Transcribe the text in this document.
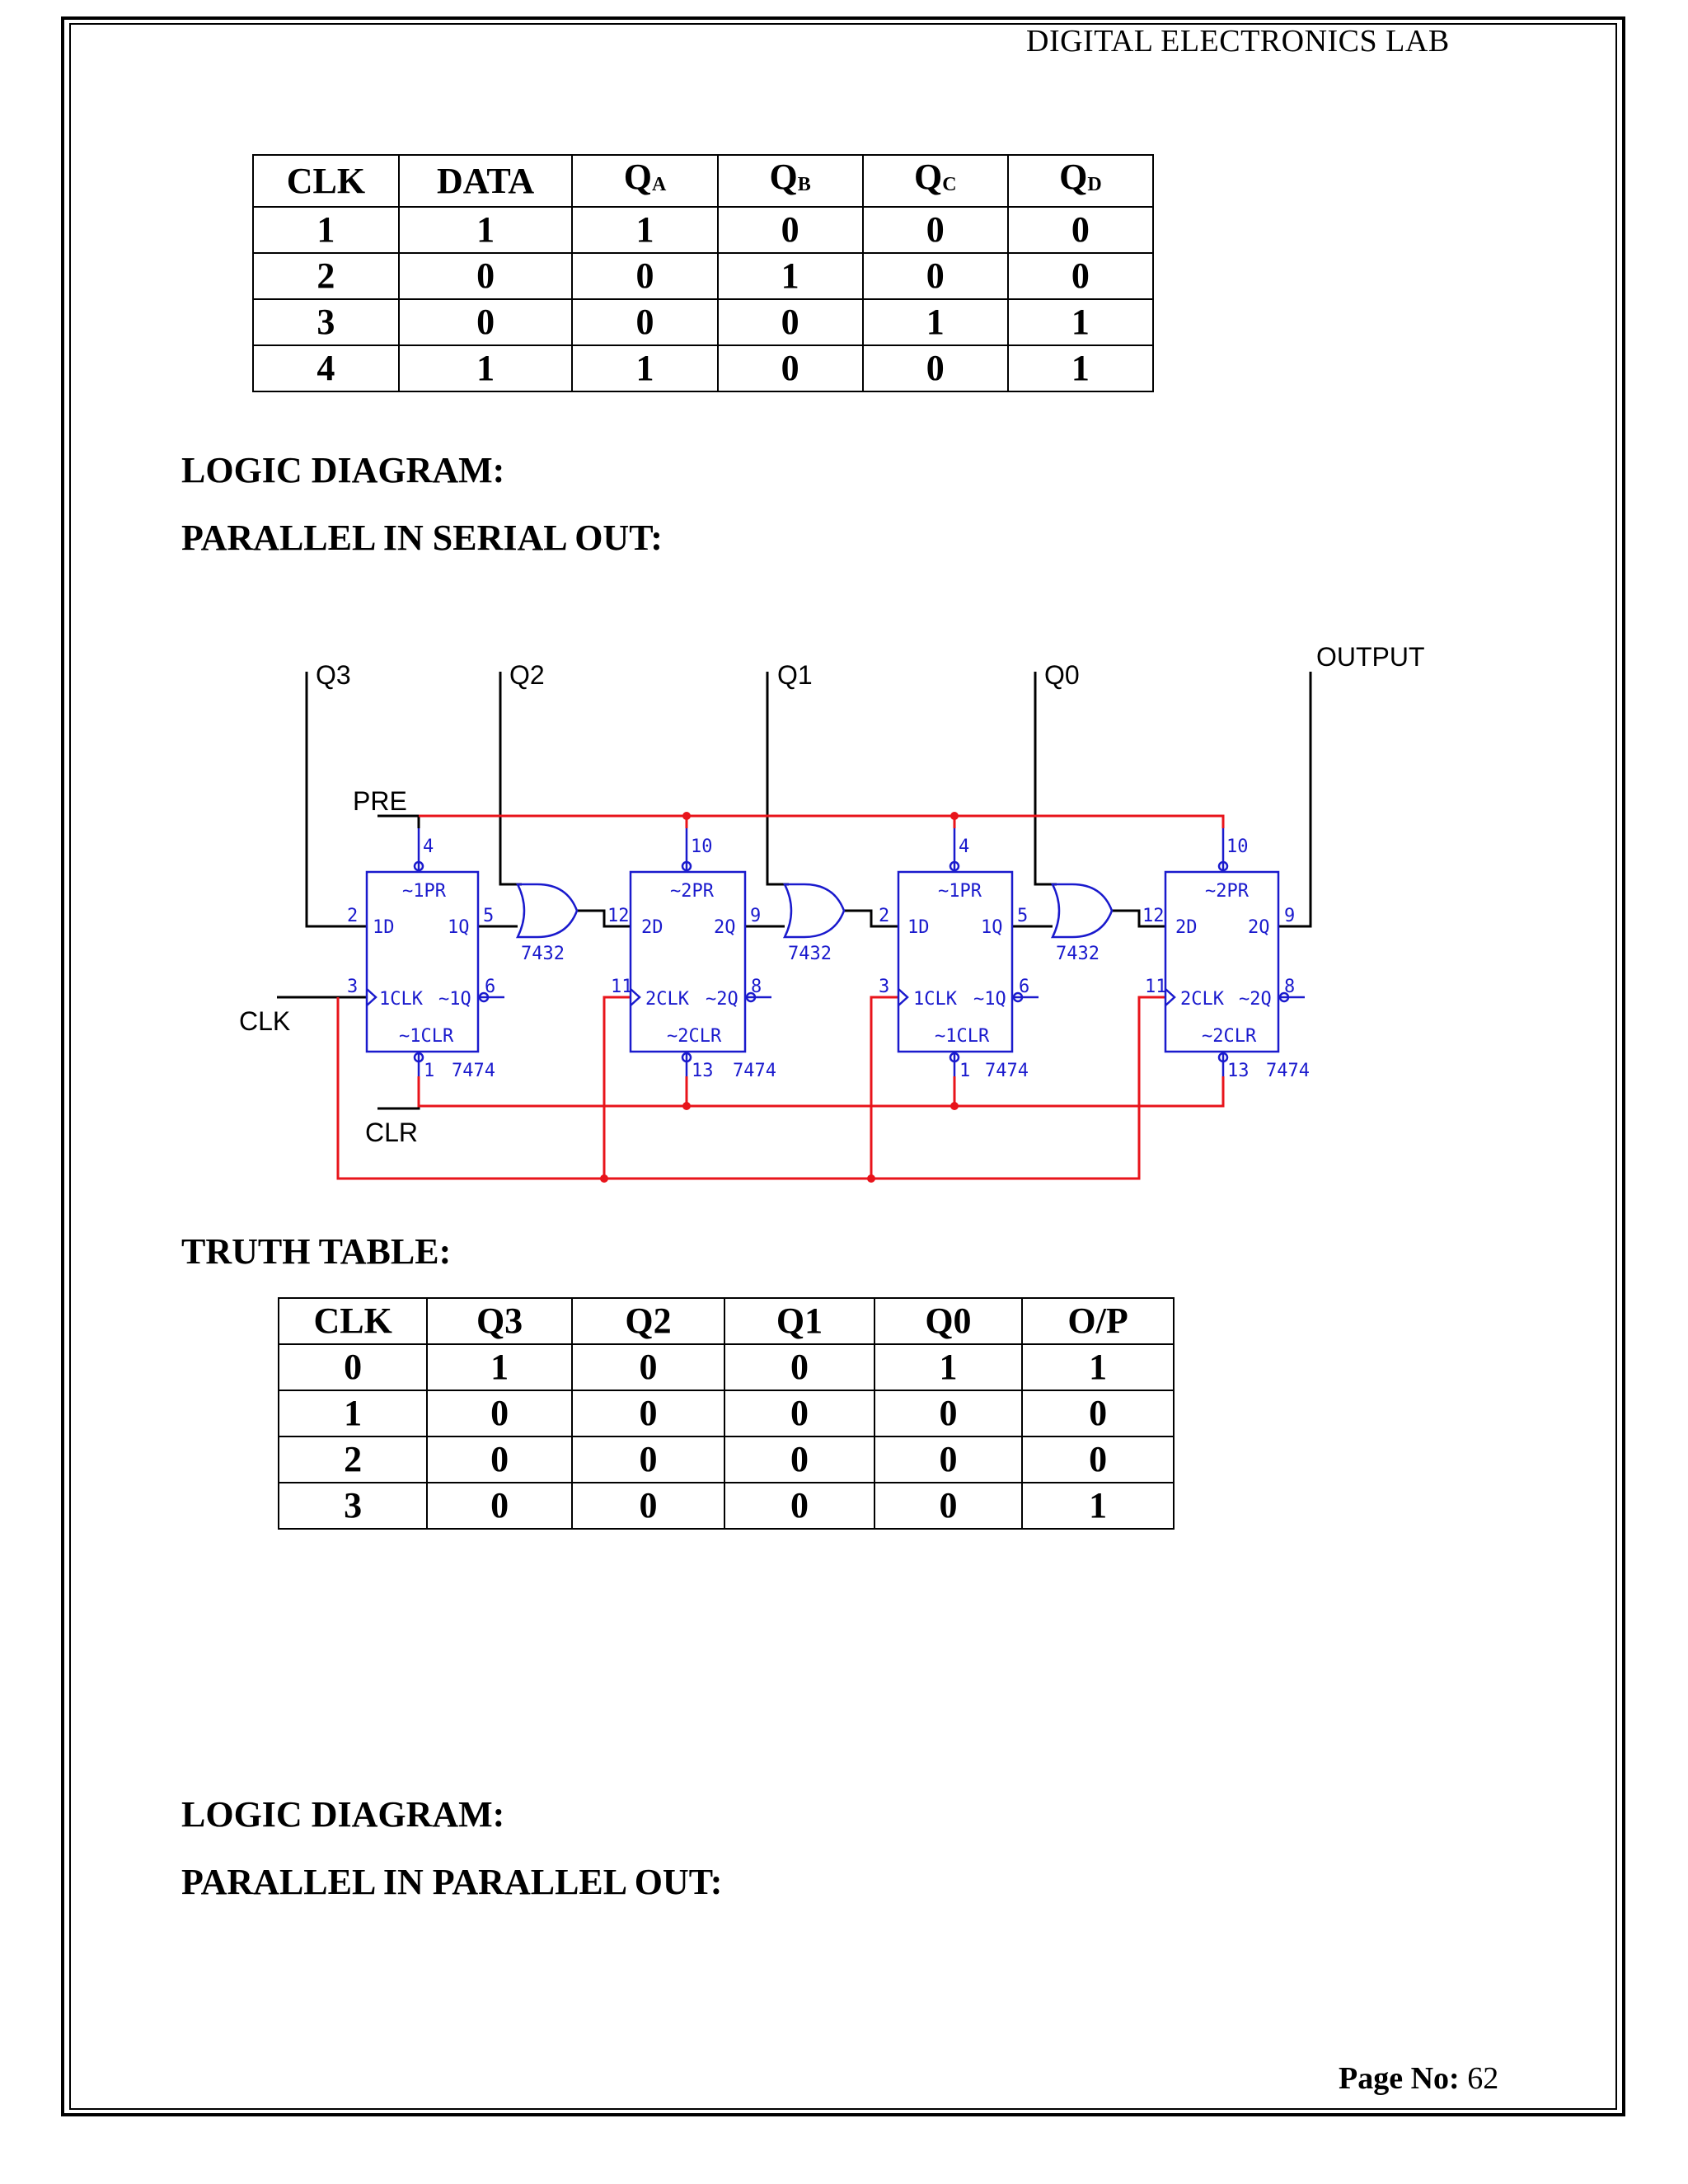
DIGITAL ELECTRONICS LAB
CLK	DATA	$Q_A$	$Q_B$	$Q_C$	$Q_D$
1	1	1	0	0	0
2	0	0	1	0	0
3	0	0	0	1	1
4	1	1	0	0	1
LOGIC DIAGRAM:
PARALLEL IN SERIAL OUT:
Q3	Q2	Q1	Q0
OUTPUT
PRE
CLK
CLR
~1PR
1D	1Q
1CLK ~1Q
~1CLR
4
2	5
3	6
1 7474
~2PR
2D	2Q
2CLK ~2Q
~2CLR
10
12	9
11	8
13 7474
~1PR
1D	1Q
1CLK ~1Q
~1CLR
4
2	5
3	6
1 7474
~2PR
2D	2Q
2CLK ~2Q
~2CLR
10
12	9
11	8
13 7474
7432	7432	7432
TRUTH TABLE:
CLK	Q3	Q2	Q1	Q0	O/P
0	1	0	0	1	1
1	0	0	0	0	0
2	0	0	0	0	0
3	0	0	0	0	1
LOGIC DIAGRAM:
PARALLEL IN PARALLEL OUT:
Page No: 62
